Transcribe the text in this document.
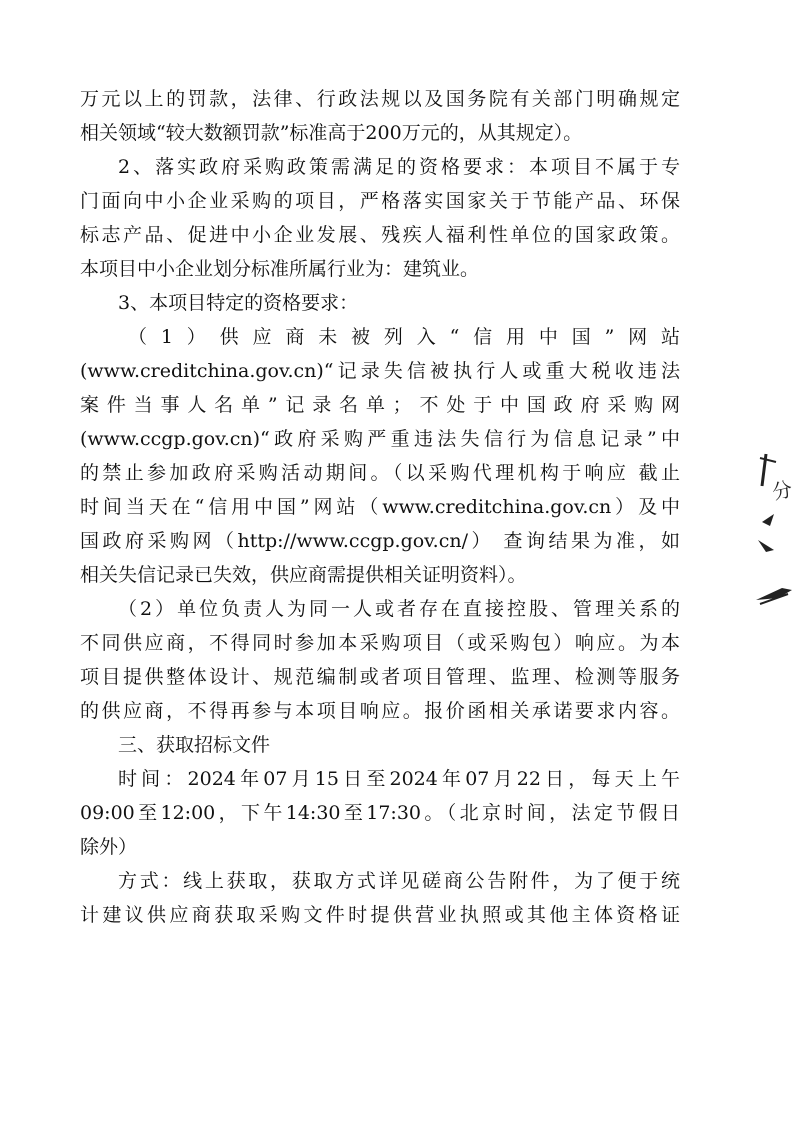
万元以上的罚款，法律、行政法规以及国务院有关部门明确规定
相关领域“较大数额罚款”标准高于200万元的，从其规定）。
2、落实政府采购政策需满足的资格要求：本项目不属于专
门面向中小企业采购的项目，严格落实国家关于节能产品、环保
标志产品、促进中小企业发展、残疾人福利性单位的国家政策。
本项目中小企业划分标准所属行业为：建筑业。
3、本项目特定的资格要求：
（1）供应商未被列入“信用中国”网站
(www.creditchina.gov.cn)“记录失信被执行人或重大税收违法
案件当事人名单”记录名单；不处于中国政府采购网
(www.ccgp.gov.cn)“政府采购严重违法失信行为信息记录”中
的禁止参加政府采购活动期间。（以采购代理机构于响应 截止
时间当天在“信用中国”网站（www.creditchina.gov.cn）及中
国政府采购网（http://www.ccgp.gov.cn/） 查询结果为准，如
相关失信记录已失效，供应商需提供相关证明资料）。
（2）单位负责人为同一人或者存在直接控股、管理关系的
不同供应商，不得同时参加本采购项目（或采购包）响应。为本
项目提供整体设计、规范编制或者项目管理、监理、检测等服务
的供应商，不得再参与本项目响应。报价函相关承诺要求内容。
三、获取招标文件
时间：2024年07月15日至2024年07月22日，每天上午
09:00至12:00，下午14:30至17:30。（北京时间，法定节假日
除外）
方式：线上获取，获取方式详见磋商公告附件，为了便于统
计建议供应商获取采购文件时提供营业执照或其他主体资格证
分
